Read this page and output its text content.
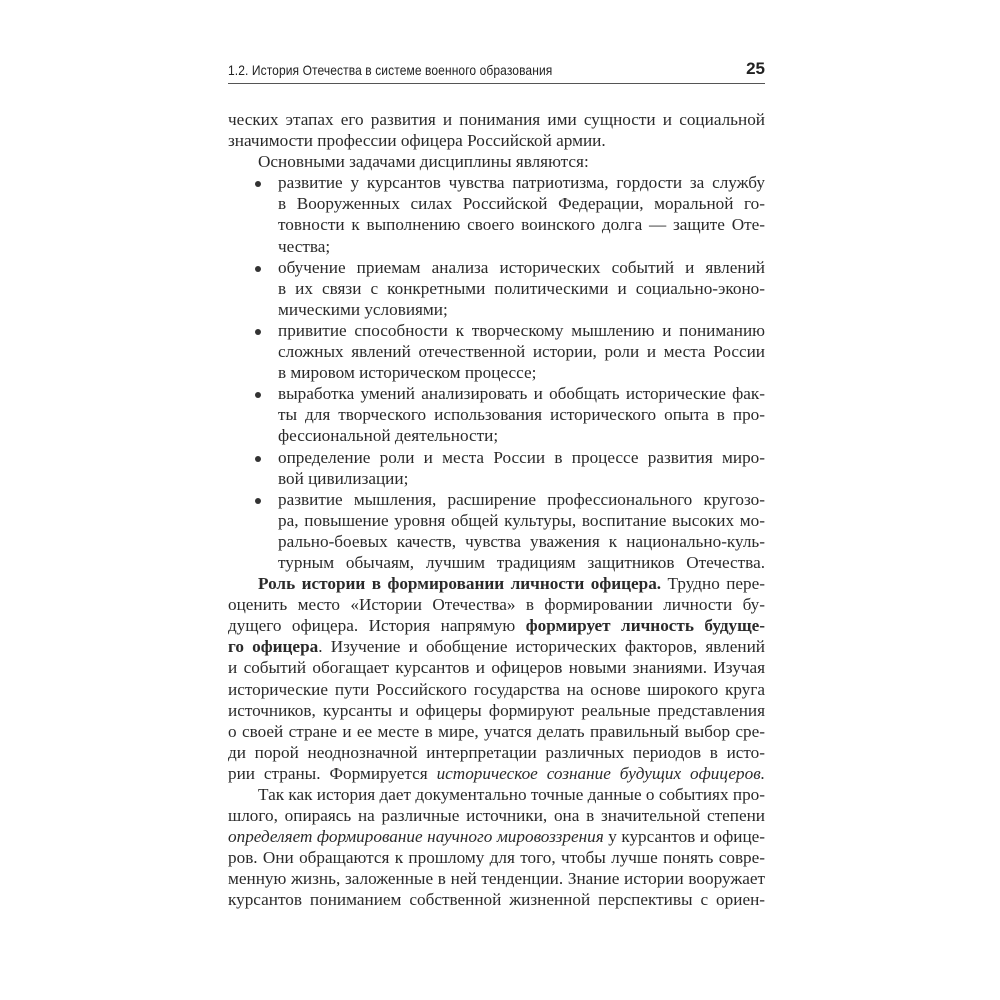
1.2. История Отечества в системе военного образования	25
ческих этапах его развития и понимания ими сущности и социальной
значимости профессии офицера Российской армии.
Основными задачами дисциплины являются:
развитие у курсантов чувства патриотизма, гордости за службу
в Вооруженных силах Российской Федерации, моральной го-
товности к выполнению своего воинского долга — защите Оте-
чества;
обучение приемам анализа исторических событий и явлений
в их связи с конкретными политическими и социально-эконо-
мическими условиями;
привитие способности к творческому мышлению и пониманию
сложных явлений отечественной истории, роли и места России
в мировом историческом процессе;
выработка умений анализировать и обобщать исторические фак-
ты для творческого использования исторического опыта в про-
фессиональной деятельности;
определение роли и места России в процессе развития миро-
вой цивилизации;
развитие мышления, расширение профессионального кругозо-
ра, повышение уровня общей культуры, воспитание высоких мо-
рально-боевых качеств, чувства уважения к национально-куль-
турным обычаям, лучшим традициям защитников Отечества.
Роль истории в формировании личности офицера. Трудно пере-
оценить место «Истории Отечества» в формировании личности бу-
дущего офицера. История напрямую формирует личность будуще-
го офицера. Изучение и обобщение исторических факторов, явлений
и событий обогащает курсантов и офицеров новыми знаниями. Изучая
исторические пути Российского государства на основе широкого круга
источников, курсанты и офицеры формируют реальные представления
о своей стране и ее месте в мире, учатся делать правильный выбор сре-
ди порой неоднозначной интерпретации различных периодов в исто-
рии страны. Формируется историческое сознание будущих офицеров.
Так как история дает документально точные данные о событиях про-
шлого, опираясь на различные источники, она в значительной степени
определяет формирование научного мировоззрения у курсантов и офице-
ров. Они обращаются к прошлому для того, чтобы лучше понять совре-
менную жизнь, заложенные в ней тенденции. Знание истории вооружает
курсантов пониманием собственной жизненной перспективы с ориен-
